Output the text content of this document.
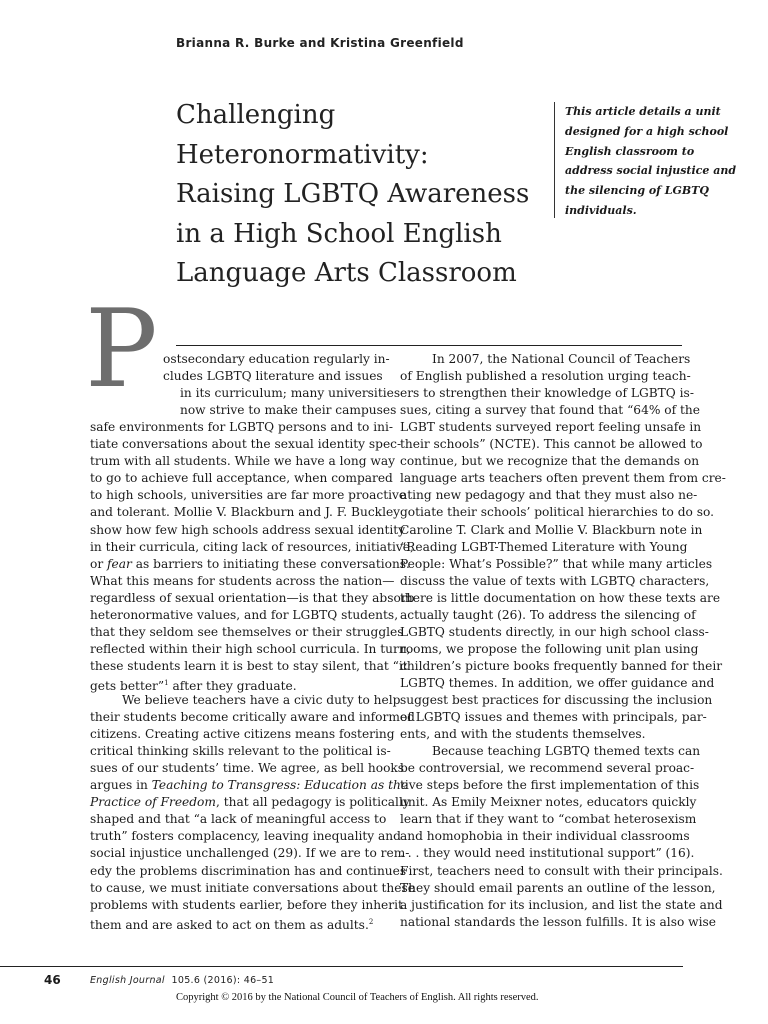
Brianna R. Burke and Kristina Greenfield
Challenging
Heteronormativity:
Raising LGBTQ Awareness
in a High School English
Language Arts Classroom
This article details a unit
designed for a high school
English classroom to
address social injustice and
the silencing of LGBTQ
individuals.
P ostsecondary education regularly in-
cludes LGBTQ literature and issues
in its curriculum; many universities
now strive to make their campuses
safe environments for LGBTQ persons and to ini-
tiate conversations about the sexual identity spec-
trum with all students. While we have a long way
to go to achieve full acceptance, when compared
to high schools, universities are far more proactive
and tolerant. Mollie V. Blackburn and J. F. Buckley
show how few high schools address sexual identity
in their curricula, citing lack of resources, initiative,
or fear as barriers to initiating these conversations.
What this means for students across the nation—
regardless of sexual orientation—is that they absorb
heteronormative values, and for LGBTQ students,
that they seldom see themselves or their struggles
reflected within their high school curricula. In turn,
these students learn it is best to stay silent, that “it
gets better”$^1$ after they graduate.
We believe teachers have a civic duty to help
their students become critically aware and informed
citizens. Creating active citizens means fostering
critical thinking skills relevant to the political is-
sues of our students’ time. We agree, as bell hooks
argues in Teaching to Transgress: Education as the
Practice of Freedom, that all pedagogy is politically
shaped and that “a lack of meaningful access to
truth” fosters complacency, leaving inequality and
social injustice unchallenged (29). If we are to rem-
edy the problems discrimination has and continues
to cause, we must initiate conversations about these
problems with students earlier, before they inherit
them and are asked to act on them as adults.$^2$
In 2007, the National Council of Teachers
of English published a resolution urging teach-
ers to strengthen their knowledge of LGBTQ is-
sues, citing a survey that found that “64% of the
LGBT students surveyed report feeling unsafe in
their schools” (NCTE). This cannot be allowed to
continue, but we recognize that the demands on
language arts teachers often prevent them from cre-
ating new pedagogy and that they must also ne-
gotiate their schools’ political hierarchies to do so.
Caroline T. Clark and Mollie V. Blackburn note in
“Reading LGBT-Themed Literature with Young
People: What’s Possible?” that while many articles
discuss the value of texts with LGBTQ characters,
there is little documentation on how these texts are
actually taught (26). To address the silencing of
LGBTQ students directly, in our high school class-
rooms, we propose the following unit plan using
children’s picture books frequently banned for their
LGBTQ themes. In addition, we offer guidance and
suggest best practices for discussing the inclusion
of LGBTQ issues and themes with principals, par-
ents, and with the students themselves.
Because teaching LGBTQ themed texts can
be controversial, we recommend several proac-
tive steps before the first implementation of this
unit. As Emily Meixner notes, educators quickly
learn that if they want to “combat heterosexism
and homophobia in their individual classrooms
. . . they would need institutional support” (16).
First, teachers need to consult with their principals.
They should email parents an outline of the lesson,
a justification for its inclusion, and list the state and
national standards the lesson fulfills. It is also wise
46	English Journal 105.6 (2016): 46–51
Copyright © 2016 by the National Council of Teachers of English. All rights reserved.
